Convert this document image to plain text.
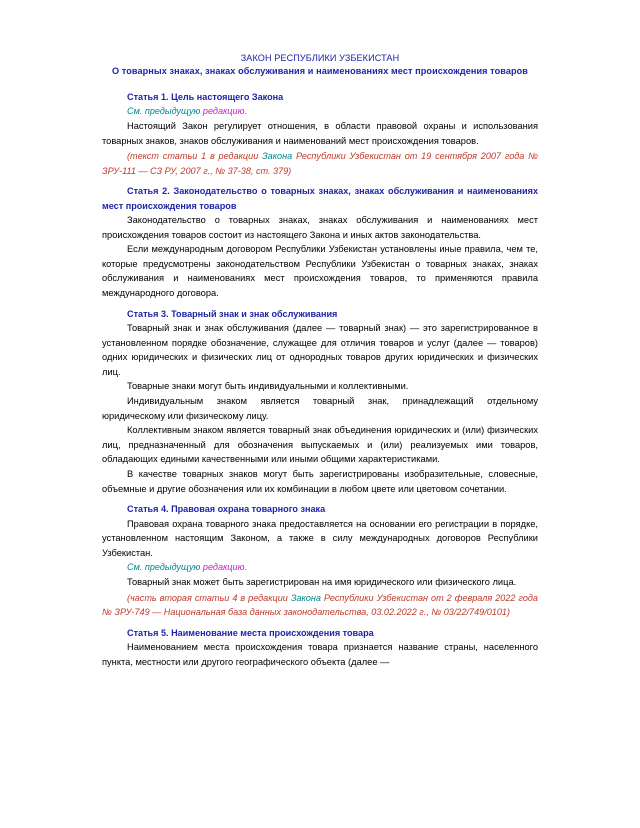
ЗАКОН РЕСПУБЛИКИ УЗБЕКИСТАН
О товарных знаках, знаках обслуживания и наименованиях мест происхождения товаров
Статья 1. Цель настоящего Закона

См. предыдущую редакцию.

Настоящий Закон регулирует отношения, в области правовой охраны и использования товарных знаков, знаков обслуживания и наименований мест происхождения товаров.

(текст статьи 1 в редакции Закона Республики Узбекистан от 19 сентября 2007 года № ЗРУ-111 — СЗ РУ, 2007 г., № 37-38, ст. 379)

Статья 2. Законодательство о товарных знаках, знаках обслуживания и наименованиях мест происхождения товаров

Законодательство о товарных знаках, знаках обслуживания и наименованиях мест происхождения товаров состоит из настоящего Закона и иных актов законодательства.

Если международным договором Республики Узбекистан установлены иные правила, чем те, которые предусмотрены законодательством Республики Узбекистан о товарных знаках, знаках обслуживания и наименованиях мест происхождения товаров, то применяются правила международного договора.

Статья 3. Товарный знак и знак обслуживания

Товарный знак и знак обслуживания (далее — товарный знак) — это зарегистрированное в установленном порядке обозначение, служащее для отличия товаров и услуг (далее — товаров) одних юридических и физических лиц от однородных товаров других юридических и физических лиц.

Товарные знаки могут быть индивидуальными и коллективными.

Индивидуальным знаком является товарный знак, принадлежащий отдельному юридическому или физическому лицу.

Коллективным знаком является товарный знак объединения юридических и (или) физических лиц, предназначенный для обозначения выпускаемых и (или) реализуемых ими товаров, обладающих едиными качественными или иными общими характеристиками.

В качестве товарных знаков могут быть зарегистрированы изобразительные, словесные, объемные и другие обозначения или их комбинации в любом цвете или цветовом сочетании.

Статья 4. Правовая охрана товарного знака

Правовая охрана товарного знака предоставляется на основании его регистрации в порядке, установленном настоящим Законом, а также в силу международных договоров Республики Узбекистан.

См. предыдущую редакцию.

Товарный знак может быть зарегистрирован на имя юридического или физического лица.

(часть вторая статьи 4 в редакции Закона Республики Узбекистан от 2 февраля 2022 года № ЗРУ-749 — Национальная база данных законодательства, 03.02.2022 г., № 03/22/749/0101)

Статья 5. Наименование места происхождения товара

Наименованием места происхождения товара признается название страны, населенного пункта, местности или другого географического объекта (далее —
